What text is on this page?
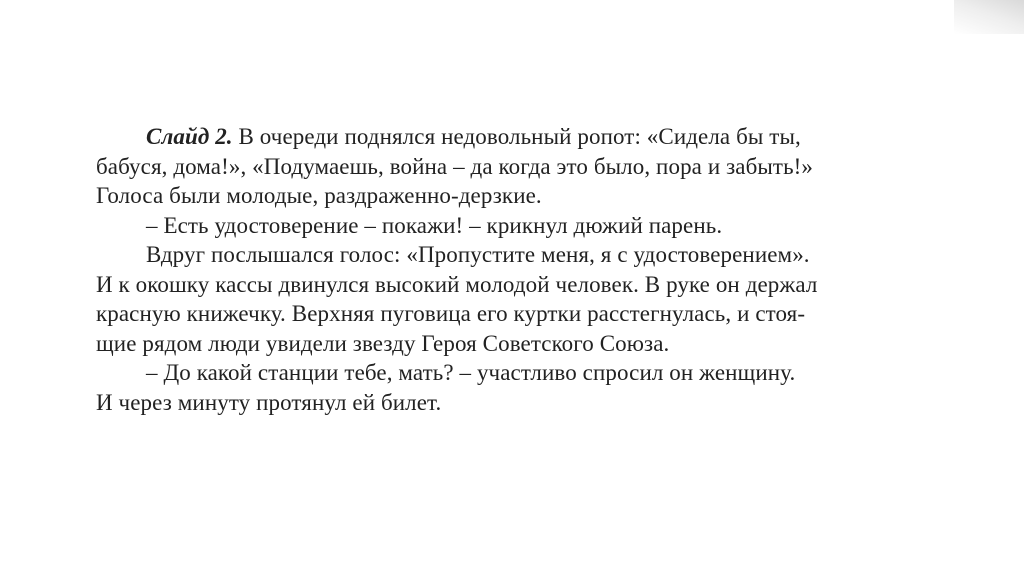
Слайд 2. В очереди поднялся недовольный ропот: «Сидела бы ты,
бабуся, дома!», «Подумаешь, война – да когда это было, пора и забыть!»
Голоса были молодые, раздраженно-дерзкие.
– Есть удостоверение – покажи! – крикнул дюжий парень.
Вдруг послышался голос: «Пропустите меня, я с удостоверением».
И к окошку кассы двинулся высокий молодой человек. В руке он держал
красную книжечку. Верхняя пуговица его куртки расстегнулась, и стоя-
щие рядом люди увидели звезду Героя Советского Союза.
– До какой станции тебе, мать? – участливо спросил он женщину.
И через минуту протянул ей билет.
